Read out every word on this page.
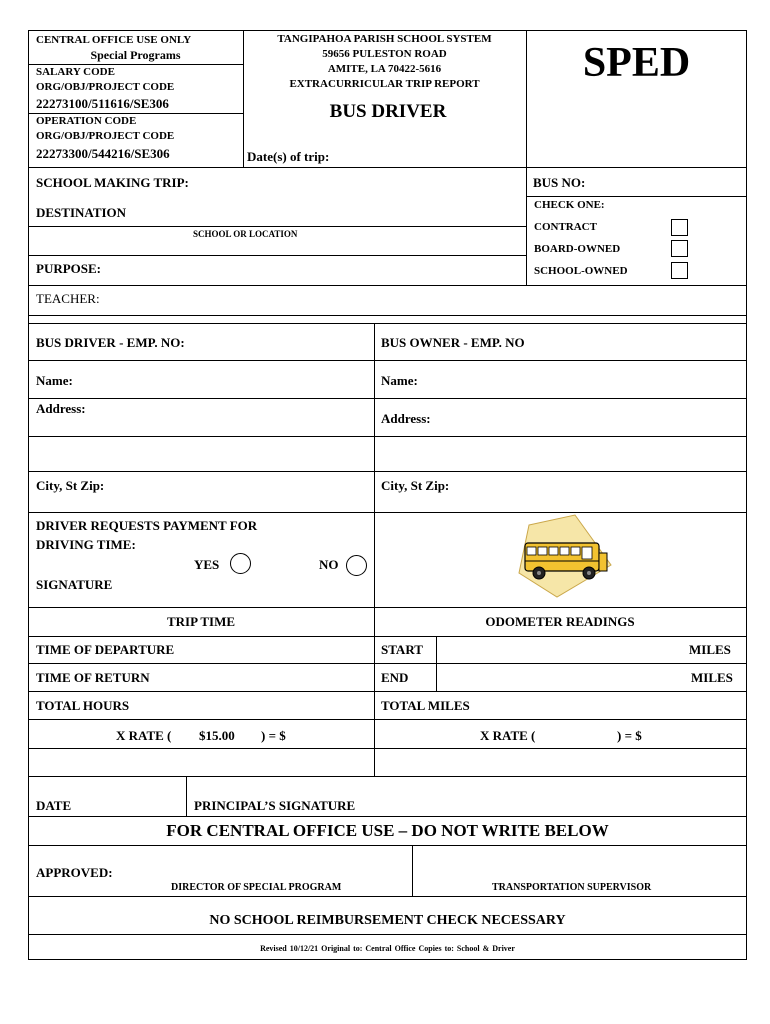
CENTRAL OFFICE USE ONLY
Special Programs
SALARY CODE
ORG/OBJ/PROJECT CODE
22273100/511616/SE306
OPERATION CODE
ORG/OBJ/PROJECT CODE
22273300/544216/SE306
TANGIPAHOA PARISH SCHOOL SYSTEM
59656 PULESTON ROAD
AMITE, LA 70422-5616
EXTRACURRICULAR TRIP REPORT
BUS DRIVER
Date(s) of trip:
SPED
SCHOOL MAKING TRIP:	BUS NO:
DESTINATION
SCHOOL OR LOCATION
CHECK ONE:
CONTRACT
BOARD-OWNED
SCHOOL-OWNED
PURPOSE:
TEACHER:
BUS DRIVER - EMP. NO:	BUS OWNER - EMP. NO
Name:	Name:
Address:
Address:
City, St Zip:	City, St Zip:
DRIVER REQUESTS PAYMENT FOR
DRIVING TIME:
YES	NO
SIGNATURE
TRIP TIME	ODOMETER READINGS
TIME OF DEPARTURE	START	MILES
TIME OF RETURN	END	MILES
TOTAL HOURS	TOTAL MILES
X RATE ( $15.00 ) = $	X RATE (	) = $
DATE	PRINCIPAL’S SIGNATURE
FOR CENTRAL OFFICE USE – DO NOT WRITE BELOW
APPROVED:
DIRECTOR OF SPECIAL PROGRAM	TRANSPORTATION SUPERVISOR
NO SCHOOL REIMBURSEMENT CHECK NECESSARY
Revised 10/12/21 Original to: Central Office Copies to: School & Driver
